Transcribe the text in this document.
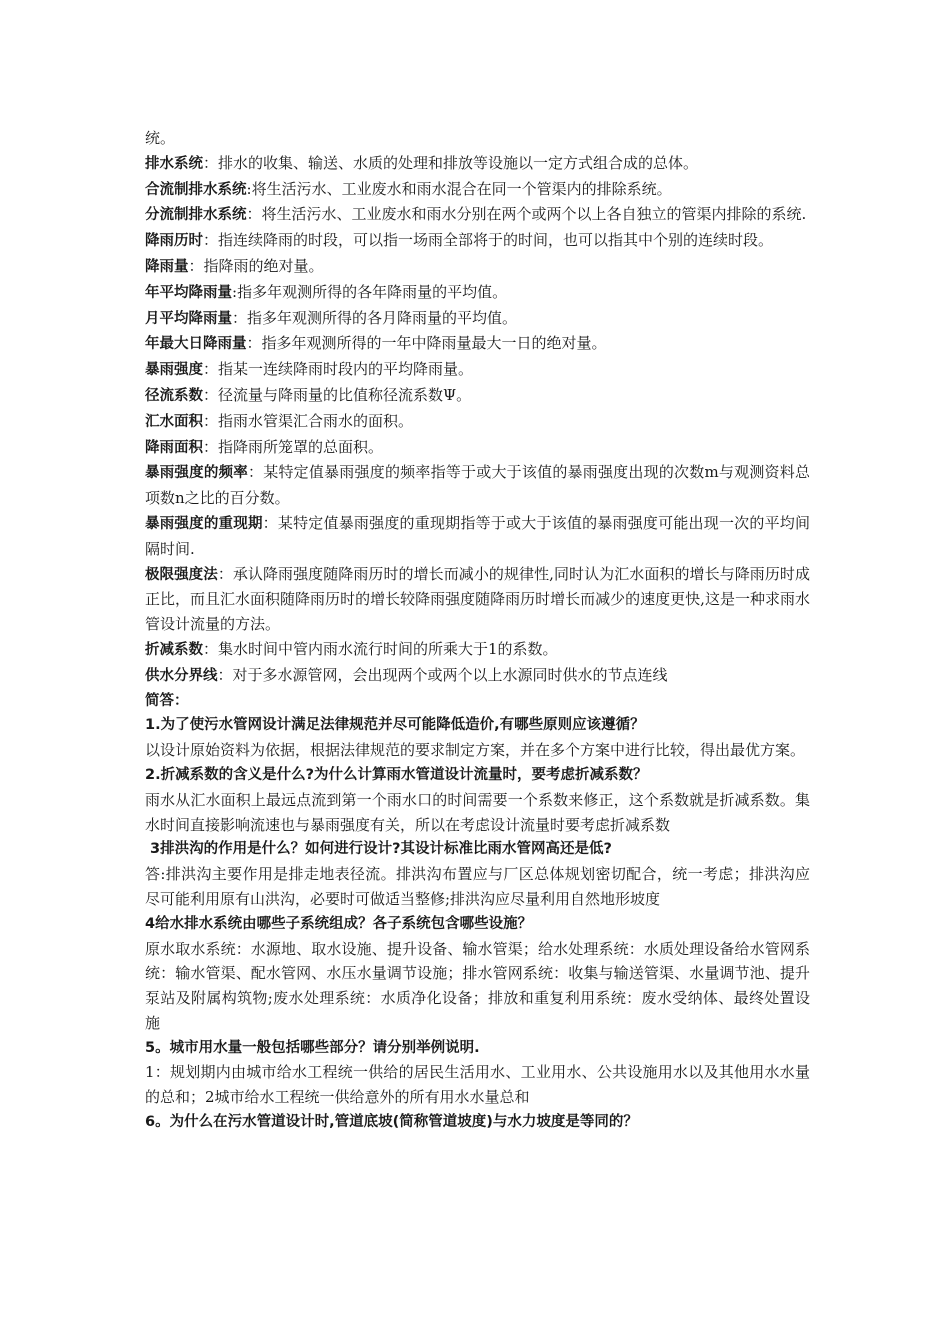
统。

排水系统：排水的收集、输送、水质的处理和排放等设施以一定方式组合成的总体。

合流制排水系统:将生活污水、工业废水和雨水混合在同一个管渠内的排除系统。

分流制排水系统：将生活污水、工业废水和雨水分别在两个或两个以上各自独立的管渠内排除的系统.

降雨历时：指连续降雨的时段，可以指一场雨全部将于的时间，也可以指其中个别的连续时段。

降雨量：指降雨的绝对量。

年平均降雨量:指多年观测所得的各年降雨量的平均值。

月平均降雨量：指多年观测所得的各月降雨量的平均值。

年最大日降雨量：指多年观测所得的一年中降雨量最大一日的绝对量。

暴雨强度：指某一连续降雨时段内的平均降雨量。

径流系数：径流量与降雨量的比值称径流系数Ψ。

汇水面积：指雨水管渠汇合雨水的面积。

降雨面积：指降雨所笼罩的总面积。

暴雨强度的频率：某特定值暴雨强度的频率指等于或大于该值的暴雨强度出现的次数m与观测资料总项数n之比的百分数。

暴雨强度的重现期：某特定值暴雨强度的重现期指等于或大于该值的暴雨强度可能出现一次的平均间隔时间.

极限强度法：承认降雨强度随降雨历时的增长而减小的规律性,同时认为汇水面积的增长与降雨历时成正比，而且汇水面积随降雨历时的增长较降雨强度随降雨历时增长而减少的速度更快,这是一种求雨水管设计流量的方法。

折减系数：集水时间中管内雨水流行时间的所乘大于1的系数。

供水分界线：对于多水源管网，会出现两个或两个以上水源同时供水的节点连线

简答：

1.为了使污水管网设计满足法律规范并尽可能降低造价,有哪些原则应该遵循？

以设计原始资料为依据，根据法律规范的要求制定方案，并在多个方案中进行比较，得出最优方案。

2.折减系数的含义是什么?为什么计算雨水管道设计流量时，要考虑折减系数？

雨水从汇水面积上最远点流到第一个雨水口的时间需要一个系数来修正，这个系数就是折减系数。集水时间直接影响流速也与暴雨强度有关，所以在考虑设计流量时要考虑折减系数

3排洪沟的作用是什么？如何进行设计?其设计标准比雨水管网高还是低?

答:排洪沟主要作用是排走地表径流。排洪沟布置应与厂区总体规划密切配合，统一考虑；排洪沟应尽可能利用原有山洪沟，必要时可做适当整修;排洪沟应尽量利用自然地形坡度

4给水排水系统由哪些子系统组成？各子系统包含哪些设施？

原水取水系统：水源地、取水设施、提升设备、输水管渠；给水处理系统：水质处理设备给水管网系统：输水管渠、配水管网、水压水量调节设施；排水管网系统：收集与输送管渠、水量调节池、提升泵站及附属构筑物;废水处理系统：水质净化设备；排放和重复利用系统：废水受纳体、最终处置设施

5。城市用水量一般包括哪些部分？请分别举例说明.

1：规划期内由城市给水工程统一供给的居民生活用水、工业用水、公共设施用水以及其他用水水量的总和；2城市给水工程统一供给意外的所有用水水量总和

6。为什么在污水管道设计时,管道底坡(简称管道坡度)与水力坡度是等同的？
